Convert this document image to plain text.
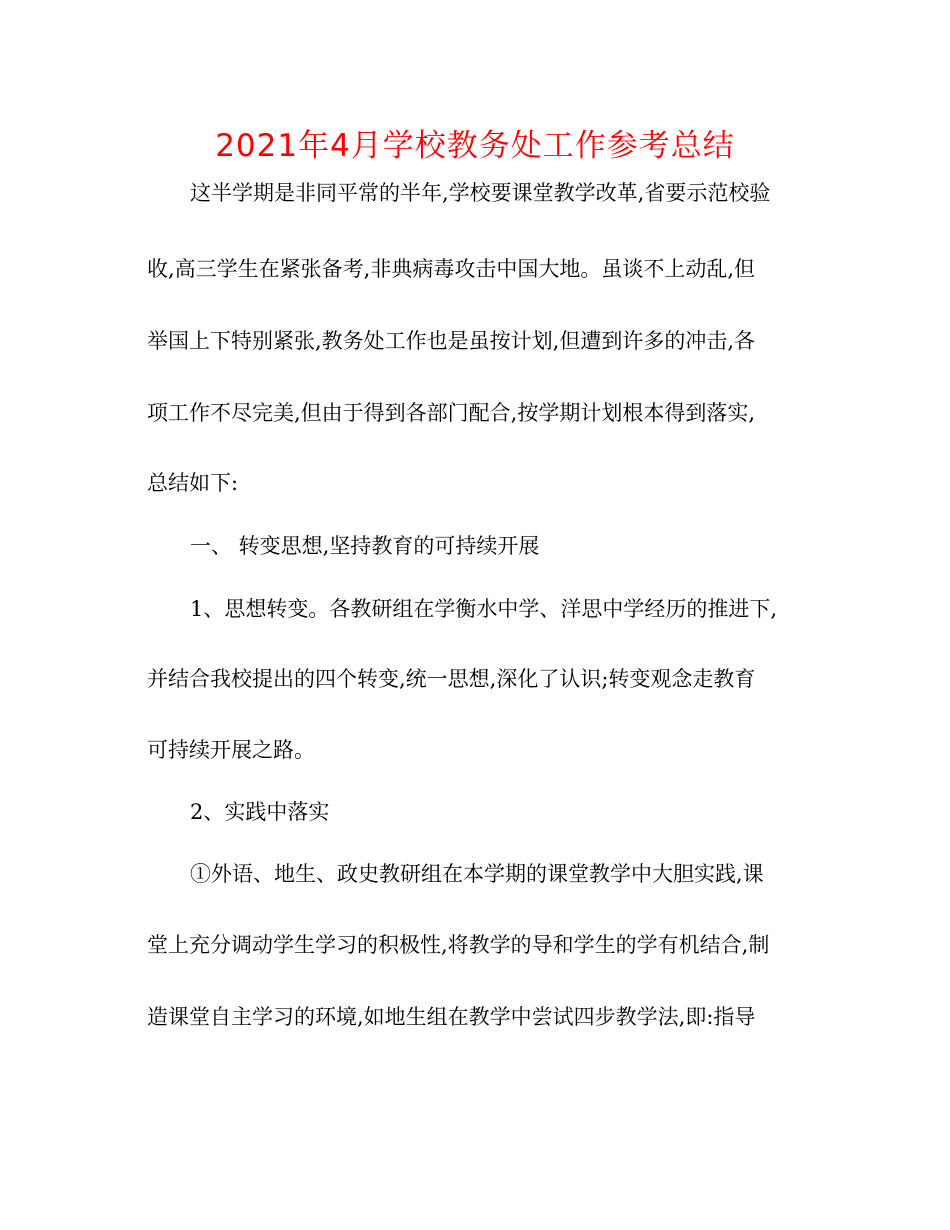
2021年4月学校教务处工作参考总结
这半学期是非同平常的半年,学校要课堂教学改革,省要示范校验
收,高三学生在紧张备考,非典病毒攻击中国大地。虽谈不上动乱,但
举国上下特别紧张,教务处工作也是虽按计划,但遭到许多的冲击,各
项工作不尽完美,但由于得到各部门配合,按学期计划根本得到落实,
总结如下:
一、 转变思想,坚持教育的可持续开展
1、思想转变。各教研组在学衡水中学、洋思中学经历的推进下,
并结合我校提出的四个转变,统一思想,深化了认识;转变观念走教育
可持续开展之路。
2、实践中落实
①外语、地生、政史教研组在本学期的课堂教学中大胆实践,课
堂上充分调动学生学习的积极性,将教学的导和学生的学有机结合,制
造课堂自主学习的环境,如地生组在教学中尝试四步教学法,即:指导
